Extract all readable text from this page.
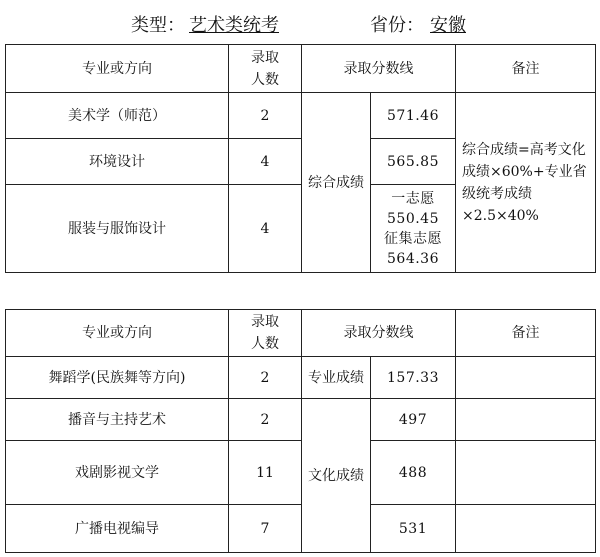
类型： 艺术类统考	省份： 安徽
专业或方向	录取人数	录取分数线		备注
美术学（师范）	2	综合成绩	571.46	综合成绩=高考文化成绩×60%+专业省级统考成绩×2.5×40%
环境设计	4		565.85	
服装与服饰设计	4		一志愿
550.45
征集志愿
564.36	
专业或方向	录取人数	录取分数线		备注
舞蹈学(民族舞等方向)	2	专业成绩	157.33	
播音与主持艺术	2	文化成绩	497	
戏剧影视文学	11		488	
广播电视编导	7		531	
